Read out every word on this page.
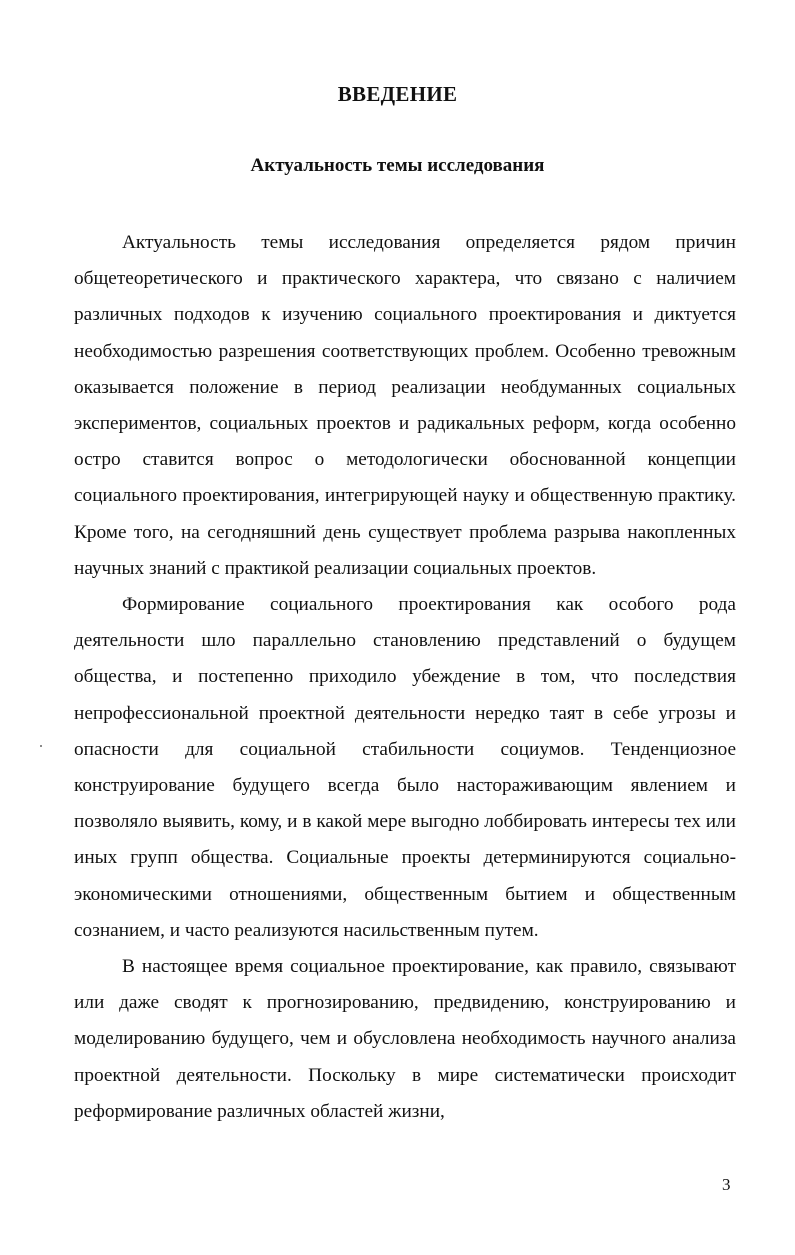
ВВЕДЕНИЕ
Актуальность темы исследования

Актуальность темы исследования определяется рядом причин общетеоретического и практического характера, что связано с наличием различных подходов к изучению социального проектирования и диктуется необходимостью разрешения соответствующих проблем. Особенно тревожным оказывается положение в период реализации необдуманных социальных экспериментов, социальных проектов и радикальных реформ, когда особенно остро ставится вопрос о методологически обоснованной концепции социального проектирования, интегрирующей науку и общественную практику. Кроме того, на сегодняшний день существует проблема разрыва накопленных научных знаний с практикой реализации социальных проектов.

Формирование социального проектирования как особого рода деятельности шло параллельно становлению представлений о будущем общества, и постепенно приходило убеждение в том, что последствия непрофессиональной проектной деятельности нередко таят в себе угрозы и опасности для социальной стабильности социумов. Тенденциозное конструирование будущего всегда было настораживающим явлением и позволяло выявить, кому, и в какой мере выгодно лоббировать интересы тех или иных групп общества. Социальные проекты детерминируются социально-экономическими отношениями, общественным бытием и общественным сознанием, и часто реализуются насильственным путем.

В настоящее время социальное проектирование, как правило, связывают или даже сводят к прогнозированию, предвидению, конструированию и моделированию будущего, чем и обусловлена необходимость научного анализа проектной деятельности. Поскольку в мире систематически происходит реформирование различных областей жизни,

3
